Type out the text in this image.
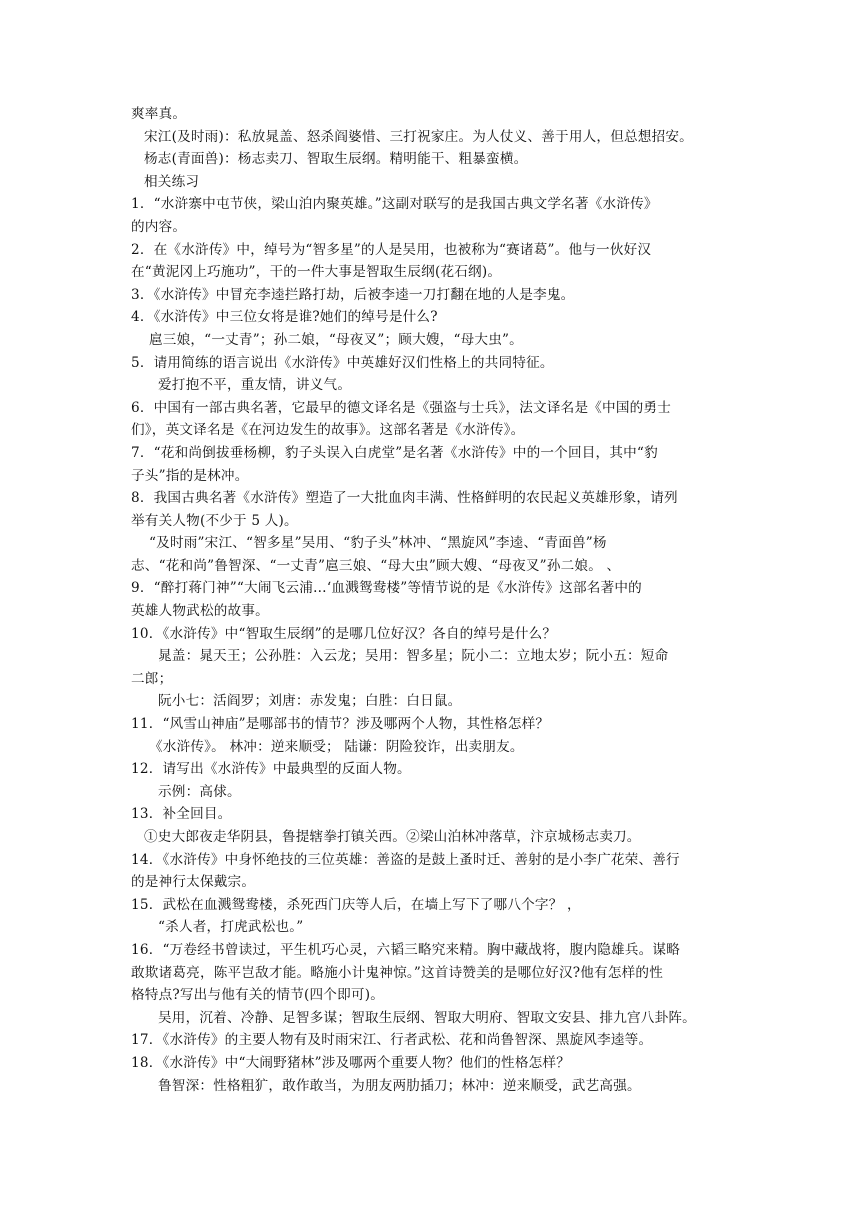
爽率真。
宋江(及时雨)：私放晁盖、怒杀阎婆惜、三打祝家庄。为人仗义、善于用人，但总想招安。
杨志(青面兽)：杨志卖刀、智取生辰纲。精明能干、粗暴蛮横。
相关练习
1．“水浒寨中屯节侠，梁山泊内聚英雄。”这副对联写的是我国古典文学名著《水浒传》
的内容。
2．在《水浒传》中，绰号为“智多星”的人是吴用，也被称为“赛诸葛”。他与一伙好汉
在“黄泥冈上巧施功”，干的一件大事是智取生辰纲(花石纲)。
3．《水浒传》中冒充李逵拦路打劫，后被李逵一刀打翻在地的人是李鬼。
4．《水浒传》中三位女将是谁?她们的绰号是什么?
扈三娘，“一丈青”；孙二娘，“母夜叉”；顾大嫂，“母大虫”。
5．请用简练的语言说出《水浒传》中英雄好汉们性格上的共同特征。
爱打抱不平，重友情，讲义气。
6．中国有一部古典名著，它最早的德文译名是《强盗与士兵》，法文译名是《中国的勇士
们》，英文译名是《在河边发生的故事》。这部名著是《水浒传》。
7．“花和尚倒拔垂杨柳，豹子头误入白虎堂”是名著《水浒传》中的一个回目，其中“豹
子头”指的是林冲。
8．我国古典名著《水浒传》塑造了一大批血肉丰满、性格鲜明的农民起义英雄形象，请列
举有关人物(不少于 5 人)。
“及时雨”宋江、“智多星”吴用、“豹子头”林冲、“黑旋风”李逵、“青面兽”杨
志、“花和尚”鲁智深、“一丈青”扈三娘、“母大虫”顾大嫂、“母夜叉”孙二娘。 、
9．“醉打蒋门神”“大闹飞云浦…‘血溅鸳鸯楼”等情节说的是《水浒传》这部名著中的
英雄人物武松的故事。
10．《水浒传》中“智取生辰纲”的是哪几位好汉？各自的绰号是什么？
晁盖：晁天王；公孙胜：入云龙；吴用：智多星；阮小二：立地太岁；阮小五：短命
二郎；
阮小七：活阎罗；刘唐：赤发鬼；白胜：白日鼠。
11．“风雪山神庙”是哪部书的情节？涉及哪两个人物，其性格怎样？
《水浒传》。 林冲：逆来顺受； 陆谦：阴险狡诈，出卖朋友。
12．请写出《水浒传》中最典型的反面人物。
示例：高俅。
13．补全回目。
①史大郎夜走华阴县，鲁提辖拳打镇关西。②梁山泊林冲落草，汴京城杨志卖刀。
14．《水浒传》中身怀绝技的三位英雄：善盗的是鼓上蚤时迁、善射的是小李广花荣、善行
的是神行太保戴宗。
15．武松在血溅鸳鸯楼，杀死西门庆等人后，在墙上写下了哪八个字？ ，
“杀人者，打虎武松也。”
16．“万卷经书曾读过，平生机巧心灵，六韬三略究来精。胸中藏战将，腹内隐雄兵。谋略
敢欺诸葛亮，陈平岂敌才能。略施小计鬼神惊。”这首诗赞美的是哪位好汉?他有怎样的性
格特点?写出与他有关的情节(四个即可)。
吴用，沉着、冷静、足智多谋；智取生辰纲、智取大明府、智取文安县、排九宫八卦阵。
17．《水浒传》的主要人物有及时雨宋江、行者武松、花和尚鲁智深、黑旋风李逵等。
18．《水浒传》中“大闹野猪林”涉及哪两个重要人物？他们的性格怎样？
鲁智深：性格粗犷，敢作敢当，为朋友两肋插刀；林冲：逆来顺受，武艺高强。
